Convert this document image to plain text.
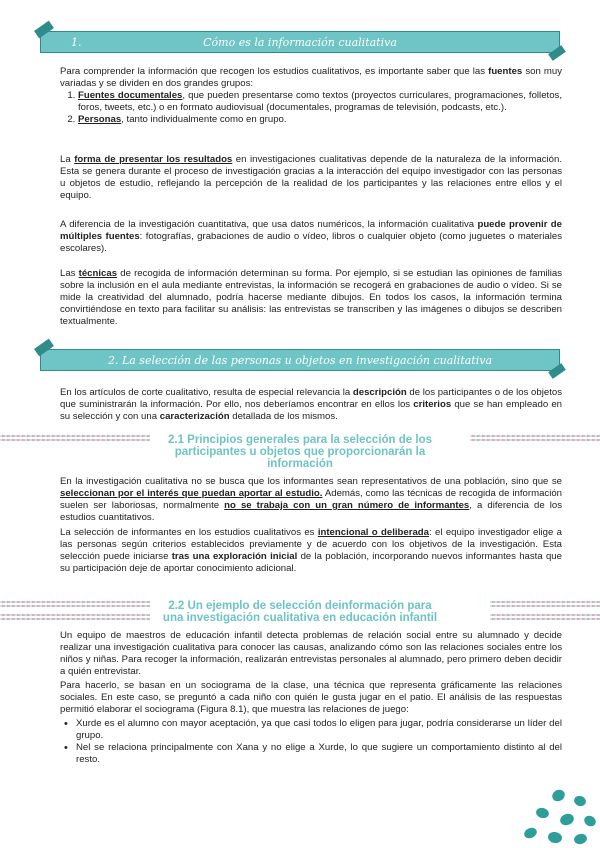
1.	Cómo es la información cualitativa

Para comprender la información que recogen los estudios cualitativos, es importante saber que las fuentes son muy variadas y se dividen en dos grandes grupos:

1. Fuentes documentales, que pueden presentarse como textos (proyectos curriculares, programaciones, folletos, foros, tweets, etc.) o en formato audiovisual (documentales, programas de televisión, podcasts, etc.).
2. Personas, tanto individualmente como en grupo.

La forma de presentar los resultados en investigaciones cualitativas depende de la naturaleza de la información. Esta se genera durante el proceso de investigación gracias a la interacción del equipo investigador con las personas u objetos de estudio, reflejando la percepción de la realidad de los participantes y las relaciones entre ellos y el equipo.

A diferencia de la investigación cuantitativa, que usa datos numéricos, la información cualitativa puede provenir de múltiples fuentes: fotografías, grabaciones de audio o vídeo, libros o cualquier objeto (como juguetes o materiales escolares).

Las técnicas de recogida de información determinan su forma. Por ejemplo, si se estudian las opiniones de familias sobre la inclusión en el aula mediante entrevistas, la información se recogerá en grabaciones de audio o vídeo. Si se mide la creatividad del alumnado, podría hacerse mediante dibujos. En todos los casos, la información termina convirtiéndose en texto para facilitar su análisis: las entrevistas se transcriben y las imágenes o dibujos se describen textualmente.

2. La selección de las personas u objetos en investigación cualitativa

En los artículos de corte cualitativo, resulta de especial relevancia la descripción de los participantes o de los objetos que suministrarán la información. Por ello, nos deberíamos encontrar en ellos los criterios que se han empleado en su selección y con una caracterización detallada de los mismos.

2.1 Principios generales para la selección de los
participantes u objetos que proporcionarán la
información

En la investigación cualitativa no se busca que los informantes sean representativos de una población, sino que se seleccionan por el interés que puedan aportar al estudio. Además, como las técnicas de recogida de información suelen ser laboriosas, normalmente no se trabaja con un gran número de informantes, a diferencia de los estudios cuantitativos.

La selección de informantes en los estudios cualitativos es intencional o deliberada: el equipo investigador elige a las personas según criterios establecidos previamente y de acuerdo con los objetivos de la investigación. Esta selección puede iniciarse tras una exploración inicial de la población, incorporando nuevos informantes hasta que su participación deje de aportar conocimiento adicional.

2.2 Un ejemplo de selección deinformación para
una investigación cualitativa en educación infantil

Un equipo de maestros de educación infantil detecta problemas de relación social entre su alumnado y decide realizar una investigación cualitativa para conocer las causas, analizando cómo son las relaciones sociales entre los niños y niñas. Para recoger la información, realizarán entrevistas personales al alumnado, pero primero deben decidir a quién entrevistar.

Para hacerlo, se basan en un sociograma de la clase, una técnica que representa gráficamente las relaciones sociales. En este caso, se preguntó a cada niño con quién le gusta jugar en el patio. El análisis de las respuestas permitió elaborar el sociograma (Figura 8.1), que muestra las relaciones de juego:

• Xurde es el alumno con mayor aceptación, ya que casi todos lo eligen para jugar, podría considerarse un líder del grupo.
• Nel se relaciona principalmente con Xana y no elige a Xurde, lo que sugiere un comportamiento distinto al del resto.
